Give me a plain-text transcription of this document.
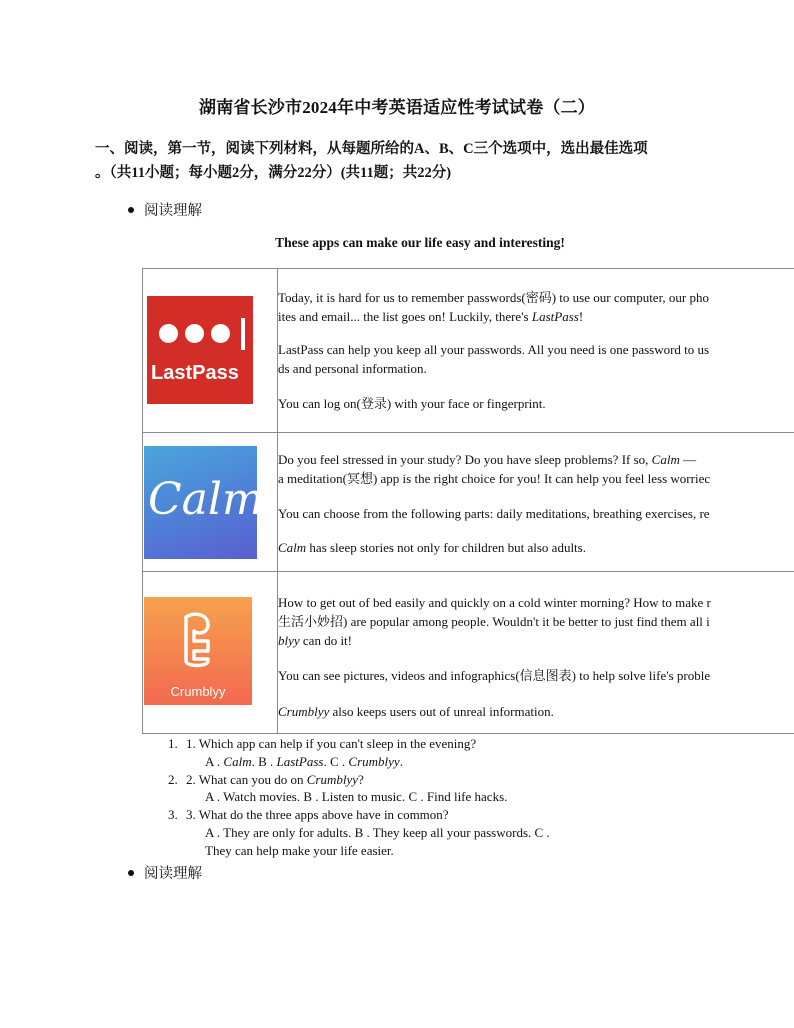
湖南省长沙市2024年中考英语适应性考试试卷（二）
一、阅读，第一节，阅读下列材料，从每题所给的A、B、C三个选项中，选出最佳选项
。（共11小题；每小题2分，满分22分）(共11题；共22分)
阅读理解
These apps can make our life easy and interesting!
LastPass	Today, it is hard for us to remember passwords(密码) to use our computer, our pho
ites and email... the list goes on! Luckily, there's LastPass!
LastPass can help you keep all your passwords. All you need is one password to us
ds and personal information.
You can log on(登录) with your face or fingerprint.

Calm	Do you feel stressed in your study? Do you have sleep problems? If so, Calm —
a meditation(冥想) app is the right choice for you! It can help you feel less worriec
You can choose from the following parts: daily meditations, breathing exercises, re
Calm has sleep stories not only for children but also adults.

Crumblyy	How to get out of bed easily and quickly on a cold winter morning? How to make r
生活小妙招) are popular among people. Wouldn't it be better to just find them all i
blyy can do it!
You can see pictures, videos and infographics(信息图表) to help solve life's proble
Crumblyy also keeps users out of unreal information.
1. 1. Which app can help if you can't sleep in the evening?
A . Calm. B . LastPass. C . Crumblyy.
2. 2. What can you do on Crumblyy?
A . Watch movies. B . Listen to music. C . Find life hacks.
3. 3. What do the three apps above have in common?
A . They are only for adults. B . They keep all your passwords. C .
They can help make your life easier.
阅读理解
